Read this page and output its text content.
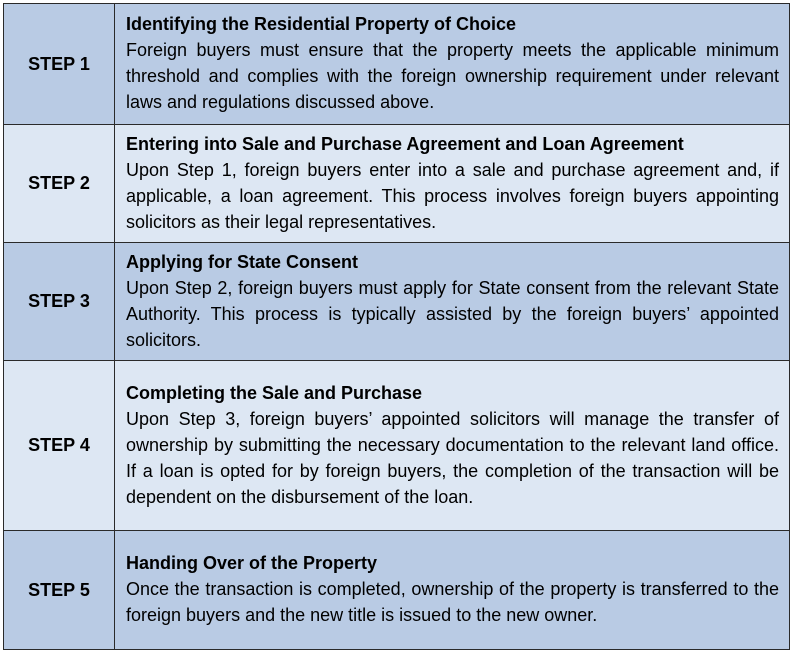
STEP 1	Identifying the Residential Property of Choice
Foreign buyers must ensure that the property meets the applicable minimum threshold and complies with the foreign ownership requirement under relevant laws and regulations discussed above.

STEP 2	Entering into Sale and Purchase Agreement and Loan Agreement
Upon Step 1, foreign buyers enter into a sale and purchase agreement and, if applicable, a loan agreement. This process involves foreign buyers appointing solicitors as their legal representatives.

STEP 3	Applying for State Consent
Upon Step 2, foreign buyers must apply for State consent from the relevant State Authority. This process is typically assisted by the foreign buyers’ appointed solicitors.

STEP 4	Completing the Sale and Purchase
Upon Step 3, foreign buyers’ appointed solicitors will manage the transfer of ownership by submitting the necessary documentation to the relevant land office. If a loan is opted for by foreign buyers, the completion of the transaction will be dependent on the disbursement of the loan.

STEP 5	Handing Over of the Property
Once the transaction is completed, ownership of the property is transferred to the foreign buyers and the new title is issued to the new owner.
